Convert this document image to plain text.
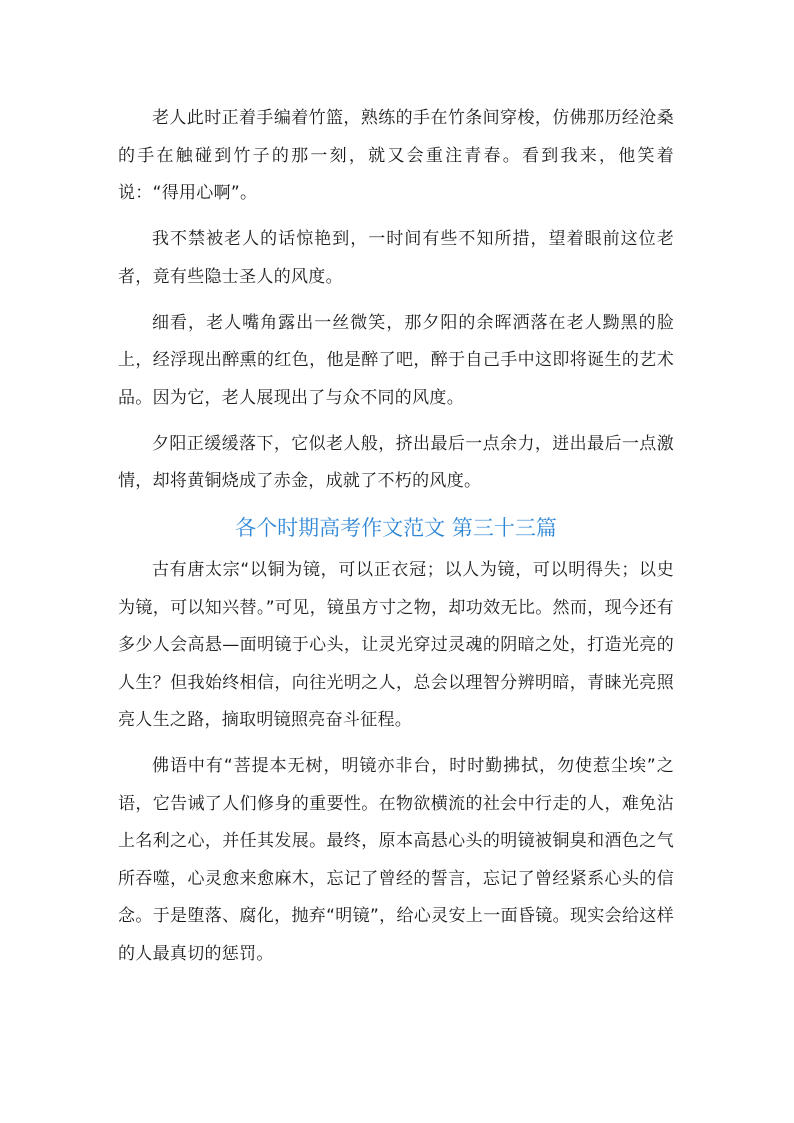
老人此时正着手编着竹篮，熟练的手在竹条间穿梭，仿佛那历经沧桑的手在触碰到竹子的那一刻，就又会重注青春。看到我来，他笑着说：“得用心啊”。

我不禁被老人的话惊艳到，一时间有些不知所措，望着眼前这位老者，竟有些隐士圣人的风度。

细看，老人嘴角露出一丝微笑，那夕阳的余晖洒落在老人黝黑的脸上，经浮现出醉熏的红色，他是醉了吧，醉于自己手中这即将诞生的艺术品。因为它，老人展现出了与众不同的风度。

夕阳正缓缓落下，它似老人般，挤出最后一点余力，迸出最后一点激情，却将黄铜烧成了赤金，成就了不朽的风度。

各个时期高考作文范文 第三十三篇

古有唐太宗“以铜为镜，可以正衣冠；以人为镜，可以明得失；以史为镜，可以知兴替。”可见，镜虽方寸之物，却功效无比。然而，现今还有多少人会高悬—面明镜于心头，让灵光穿过灵魂的阴暗之处，打造光亮的人生？但我始终相信，向往光明之人，总会以理智分辨明暗，青睐光亮照亮人生之路，摘取明镜照亮奋斗征程。

佛语中有“菩提本无树，明镜亦非台，时时勤拂拭，勿使惹尘埃”之语，它告诫了人们修身的重要性。在物欲横流的社会中行走的人，难免沾上名利之心，并任其发展。最终，原本高悬心头的明镜被铜臭和酒色之气所吞噬，心灵愈来愈麻木，忘记了曾经的誓言，忘记了曾经紧系心头的信念。于是堕落、腐化，抛弃“明镜”，给心灵安上一面昏镜。现实会给这样的人最真切的惩罚。
